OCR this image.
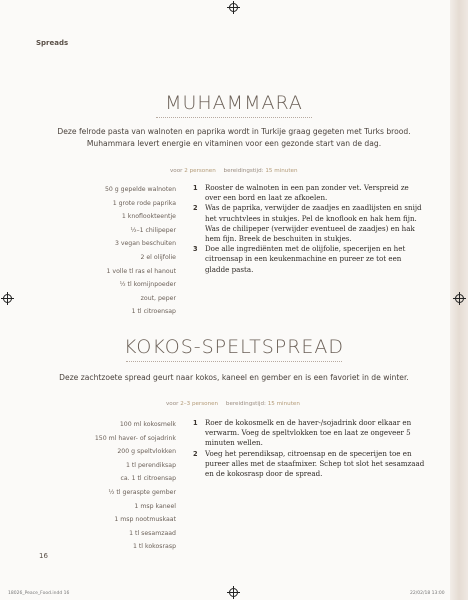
Spreads
MUHAMMARA
Deze felrode pasta van walnoten en paprika wordt in Turkije graag gegeten met Turks brood. Muhammara levert energie en vitaminen voor een gezonde start van de dag.
voor 2 personen bereidingstijd: 15 minuten
50 g gepelde walnoten
1 grote rode paprika
1 knoflookteentje
½–1 chilipeper
3 vegan beschuiten
2 el olijfolie
1 volle tl ras el hanout
½ tl komijnpoeder
zout, peper
1 tl citroensap
1 Rooster de walnoten in een pan zonder vet. Verspreid ze over een bord en laat ze afkoelen.
2 Was de paprika, verwijder de zaadjes en zaadlijsten en snijd het vruchtvlees in stukjes. Pel de knoflook en hak hem fijn. Was de chilipeper (verwijder eventueel de zaadjes) en hak hem fijn. Breek de beschuiten in stukjes.
3 Doe alle ingrediënten met de olijfolie, specerijen en het citroensap in een keukenmachine en pureer ze tot een gladde pasta.
KOKOS-SPELTSPREAD
Deze zachtzoete spread geurt naar kokos, kaneel en gember en is een favoriet in de winter.
voor 2–3 personen bereidingstijd: 15 minuten
100 ml kokosmelk
150 ml haver- of sojadrink
200 g speltvlokken
1 tl perendiksap
ca. 1 tl citroensap
½ tl geraspte gember
1 msp kaneel
1 msp nootmuskaat
1 tl sesamzaad
1 tl kokosrasp
1 Roer de kokosmelk en de haver-/sojadrink door elkaar en verwarm. Voeg de speltvlokken toe en laat ze ongeveer 5 minuten wellen.
2 Voeg het perendiksap, citroensap en de specerijen toe en pureer alles met de staafmixer. Schep tot slot het sesamzaad en de kokosrasp door de spread.
16
18026_Peace_Food.indd 16	22/02/18 13:00
